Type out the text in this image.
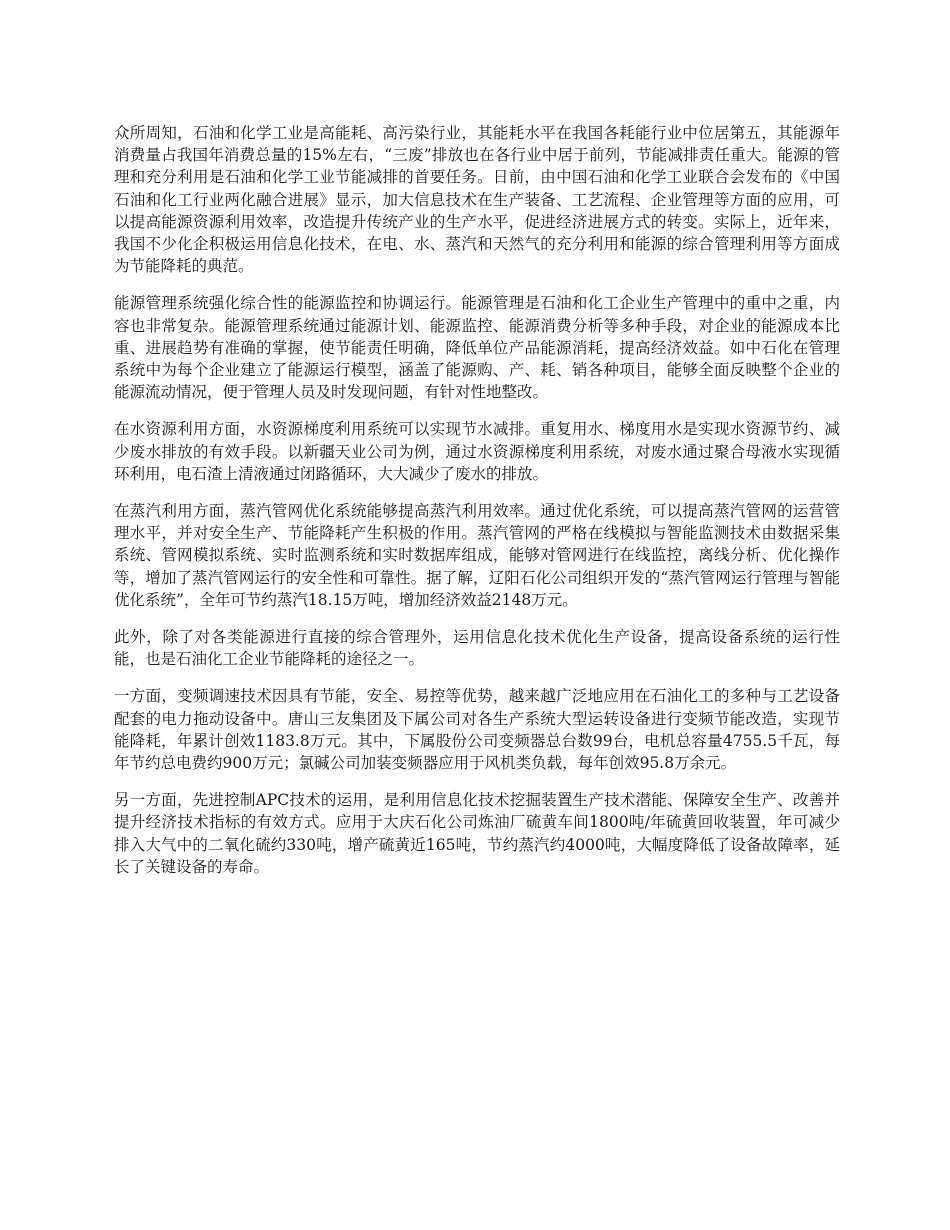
众所周知，石油和化学工业是高能耗、高污染行业，其能耗水平在我国各耗能行业中位居第五，其能源年消费量占我国年消费总量的15%左右，“三废”排放也在各行业中居于前列，节能减排责任重大。能源的管理和充分利用是石油和化学工业节能减排的首要任务。日前，由中国石油和化学工业联合会发布的《中国石油和化工行业两化融合进展》显示，加大信息技术在生产装备、工艺流程、企业管理等方面的应用，可以提高能源资源利用效率，改造提升传统产业的生产水平，促进经济进展方式的转变。实际上，近年来，我国不少化企积极运用信息化技术，在电、水、蒸汽和天然气的充分利用和能源的综合管理利用等方面成为节能降耗的典范。

能源管理系统强化综合性的能源监控和协调运行。能源管理是石油和化工企业生产管理中的重中之重，内容也非常复杂。能源管理系统通过能源计划、能源监控、能源消费分析等多种手段，对企业的能源成本比重、进展趋势有准确的掌握，使节能责任明确，降低单位产品能源消耗，提高经济效益。如中石化在管理系统中为每个企业建立了能源运行模型，涵盖了能源购、产、耗、销各种项目，能够全面反映整个企业的能源流动情况，便于管理人员及时发现问题，有针对性地整改。

在水资源利用方面，水资源梯度利用系统可以实现节水减排。重复用水、梯度用水是实现水资源节约、减少废水排放的有效手段。以新疆天业公司为例，通过水资源梯度利用系统，对废水通过聚合母液水实现循环利用，电石渣上清液通过闭路循环，大大减少了废水的排放。

在蒸汽利用方面，蒸汽管网优化系统能够提高蒸汽利用效率。通过优化系统，可以提高蒸汽管网的运营管理水平，并对安全生产、节能降耗产生积极的作用。蒸汽管网的严格在线模拟与智能监测技术由数据采集系统、管网模拟系统、实时监测系统和实时数据库组成，能够对管网进行在线监控，离线分析、优化操作等，增加了蒸汽管网运行的安全性和可靠性。据了解，辽阳石化公司组织开发的“蒸汽管网运行管理与智能优化系统”，全年可节约蒸汽18.15万吨，增加经济效益2148万元。

此外，除了对各类能源进行直接的综合管理外，运用信息化技术优化生产设备，提高设备系统的运行性能，也是石油化工企业节能降耗的途径之一。

一方面，变频调速技术因具有节能，安全、易控等优势，越来越广泛地应用在石油化工的多种与工艺设备配套的电力拖动设备中。唐山三友集团及下属公司对各生产系统大型运转设备进行变频节能改造，实现节能降耗，年累计创效1183.8万元。其中，下属股份公司变频器总台数99台，电机总容量4755.5千瓦，每年节约总电费约900万元；氯碱公司加装变频器应用于风机类负载，每年创效95.8万余元。

另一方面，先进控制APC技术的运用，是利用信息化技术挖掘装置生产技术潜能、保障安全生产、改善并提升经济技术指标的有效方式。应用于大庆石化公司炼油厂硫黄车间1800吨/年硫黄回收装置，年可减少排入大气中的二氧化硫约330吨，增产硫黄近165吨，节约蒸汽约4000吨，大幅度降低了设备故障率，延长了关键设备的寿命。
